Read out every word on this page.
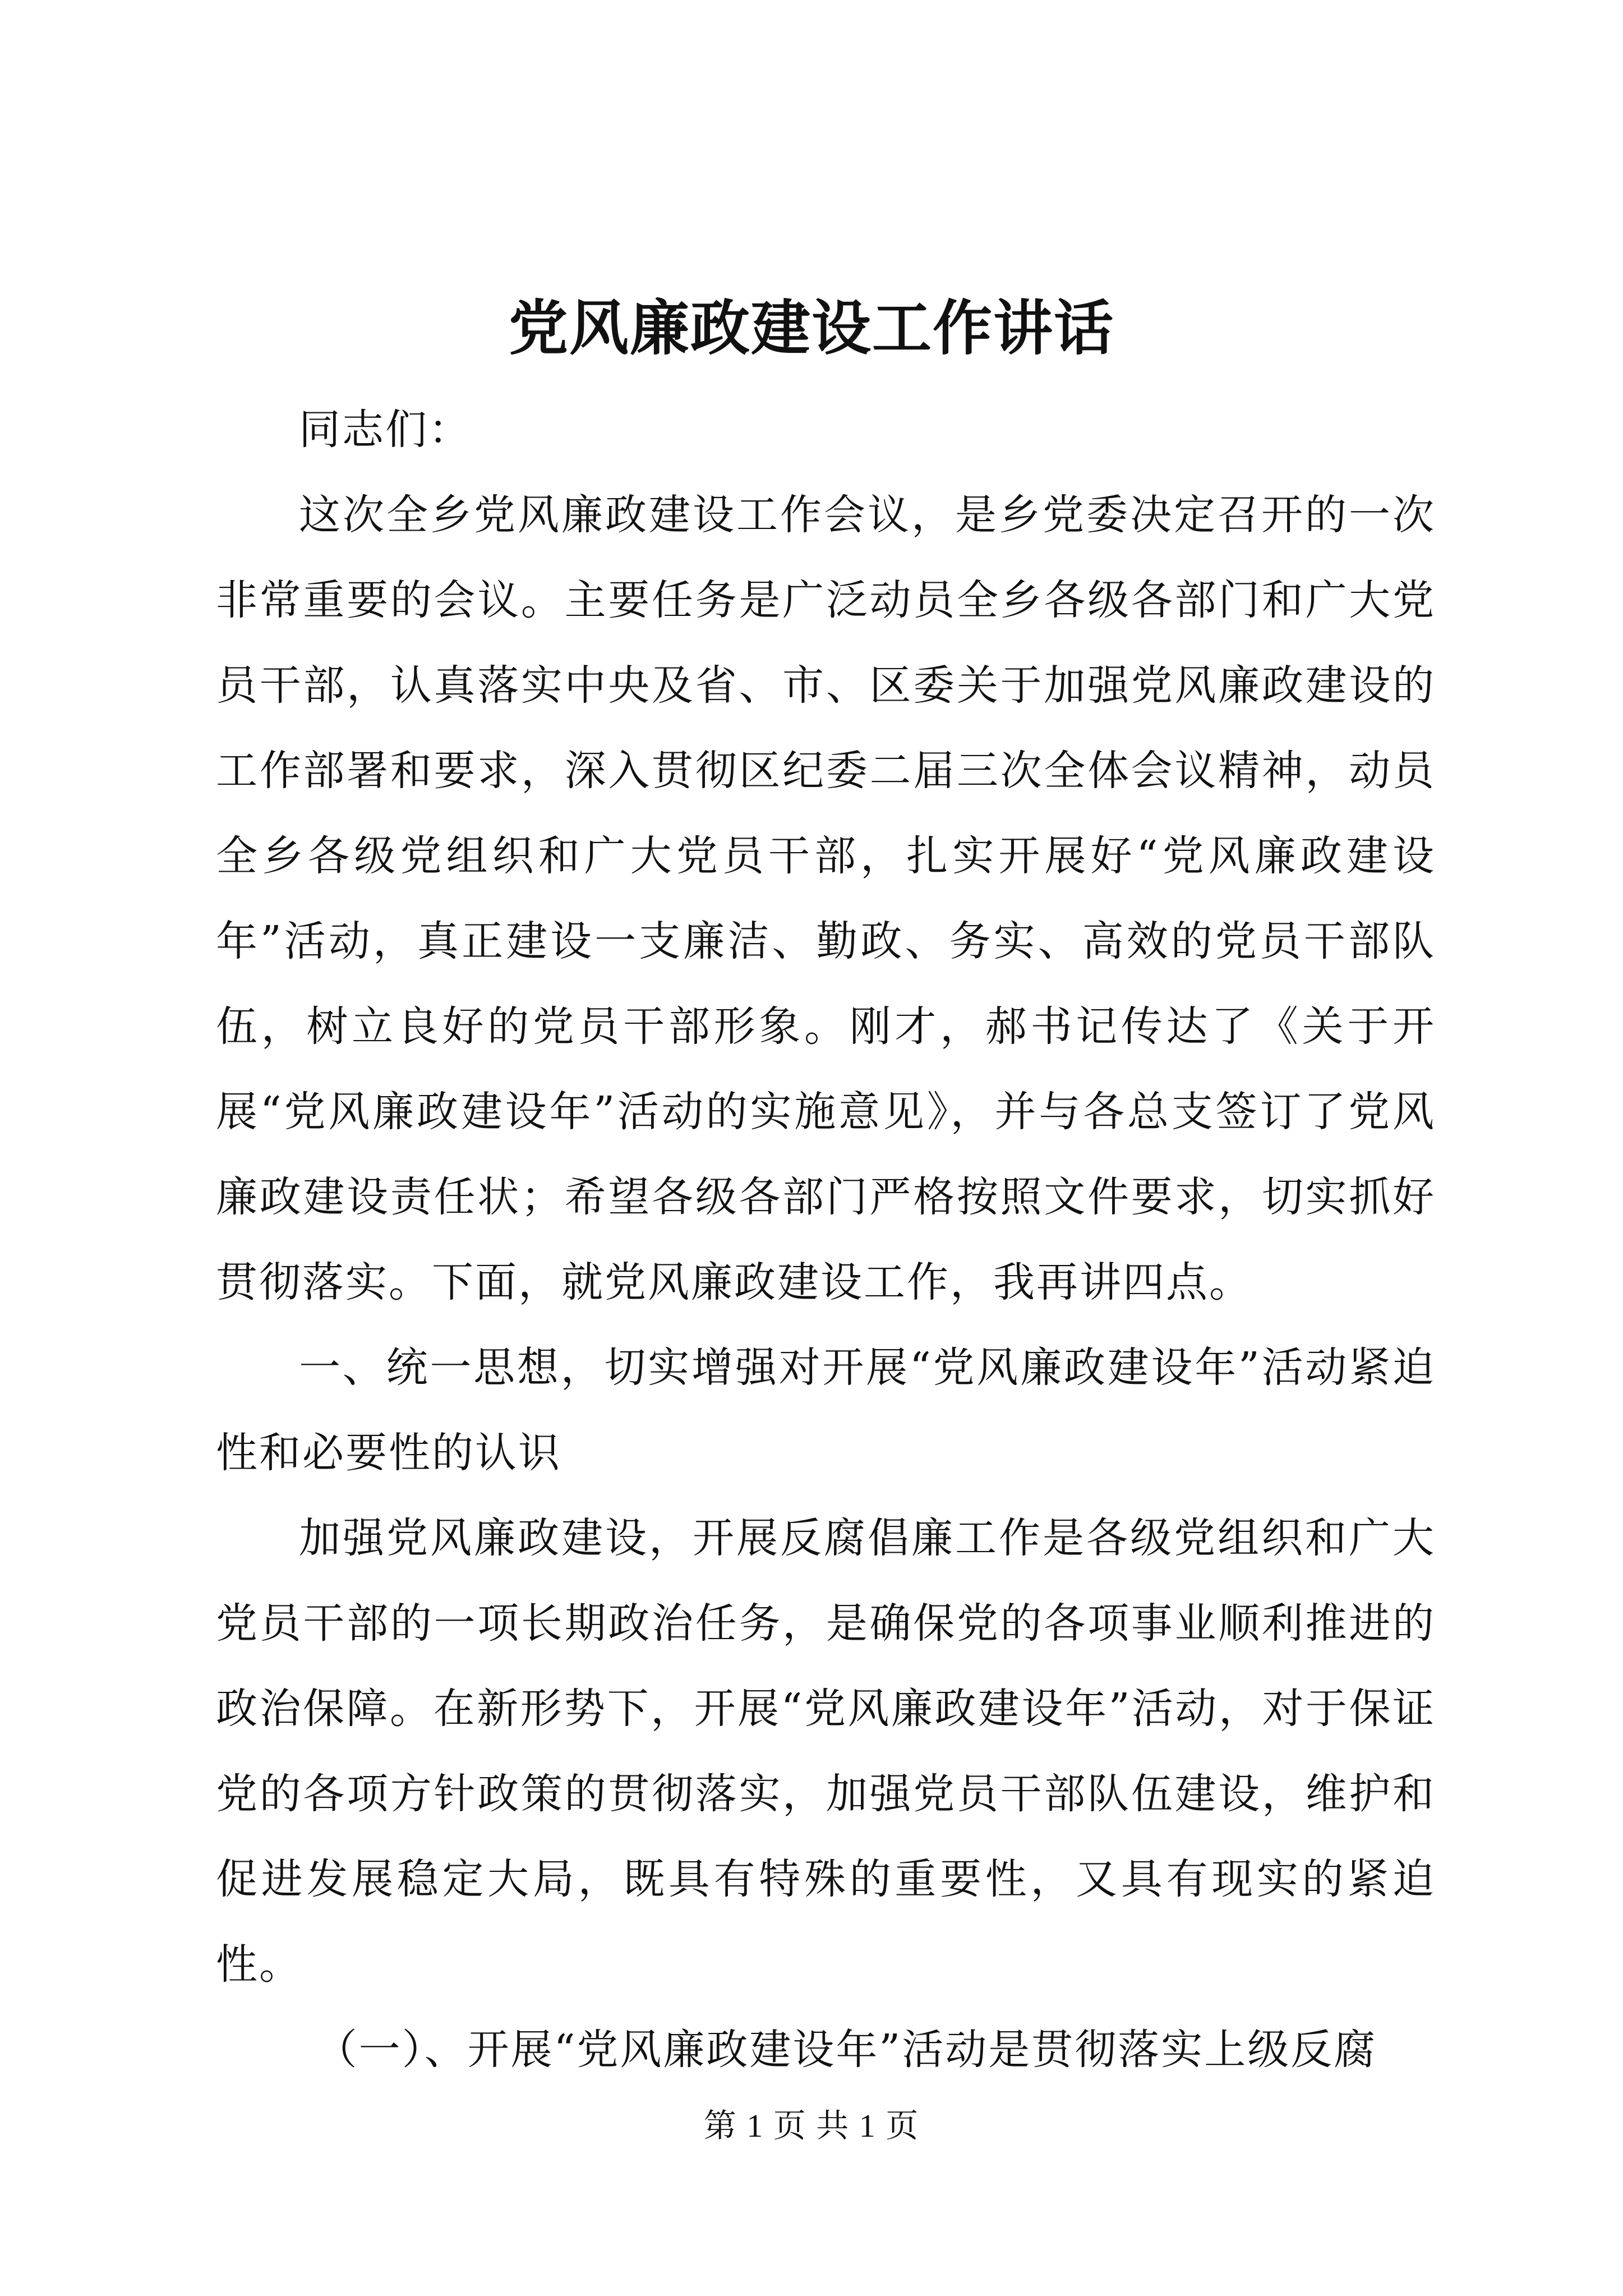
党风廉政建设工作讲话

同志们：

这次全乡党风廉政建设工作会议，是乡党委决定召开的一次非常重要的会议。主要任务是广泛动员全乡各级各部门和广大党员干部，认真落实中央及省、市、区委关于加强党风廉政建设的工作部署和要求，深入贯彻区纪委二届三次全体会议精神，动员全乡各级党组织和广大党员干部，扎实开展好“党风廉政建设年”活动，真正建设一支廉洁、勤政、务实、高效的党员干部队伍，树立良好的党员干部形象。刚才，郝书记传达了《关于开展“党风廉政建设年”活动的实施意见》，并与各总支签订了党风廉政建设责任状；希望各级各部门严格按照文件要求，切实抓好贯彻落实。下面，就党风廉政建设工作，我再讲四点。

一、统一思想，切实增强对开展“党风廉政建设年”活动紧迫性和必要性的认识

加强党风廉政建设，开展反腐倡廉工作是各级党组织和广大党员干部的一项长期政治任务，是确保党的各项事业顺利推进的政治保障。在新形势下，开展“党风廉政建设年”活动，对于保证党的各项方针政策的贯彻落实，加强党员干部队伍建设，维护和促进发展稳定大局，既具有特殊的重要性，又具有现实的紧迫性。

（一）、开展“党风廉政建设年”活动是贯彻落实上级反腐

第 1 页 共 1 页
